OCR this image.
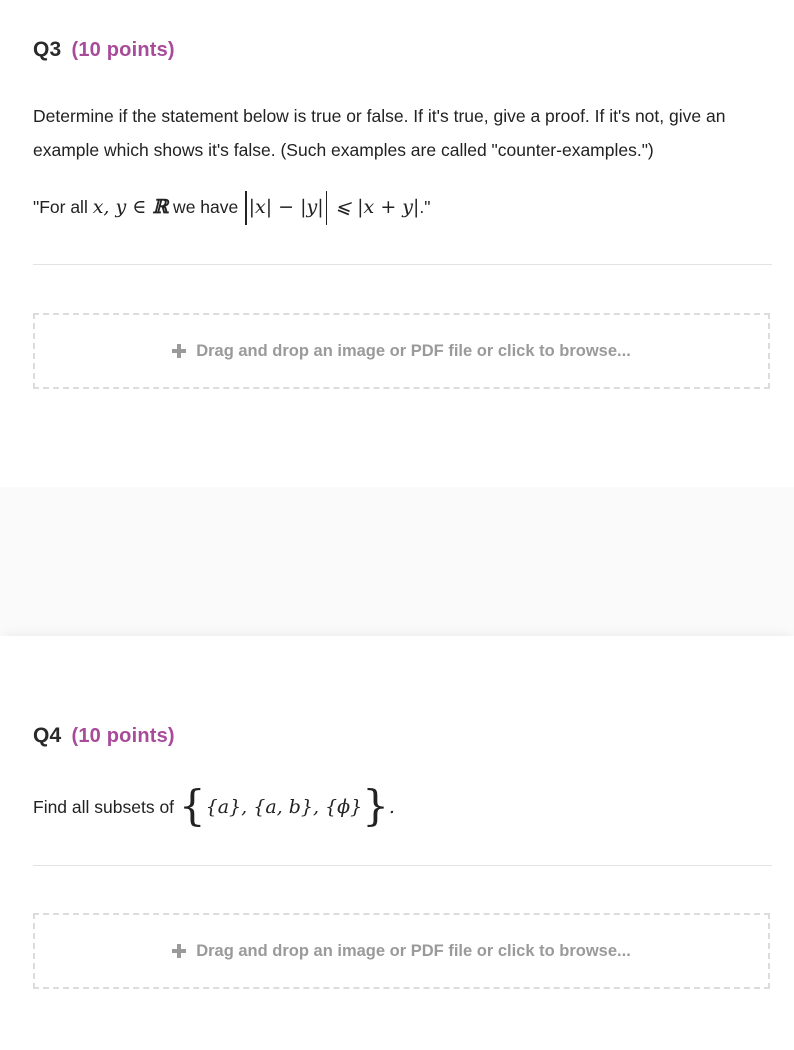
Q3 (10 points)
Determine if the statement below is true or false. If it's true, give a proof. If it's not, give an example which shows it's false. (Such examples are called "counter-examples.")
"For all x, y ∈ ℝ we have |x| − |y| ⩽ |x + y|."
Drag and drop an image or PDF file or click to browse...
Q4 (10 points)
Find all subsets of {{a}, {a, b}, {ϕ}}.
Drag and drop an image or PDF file or click to browse...
